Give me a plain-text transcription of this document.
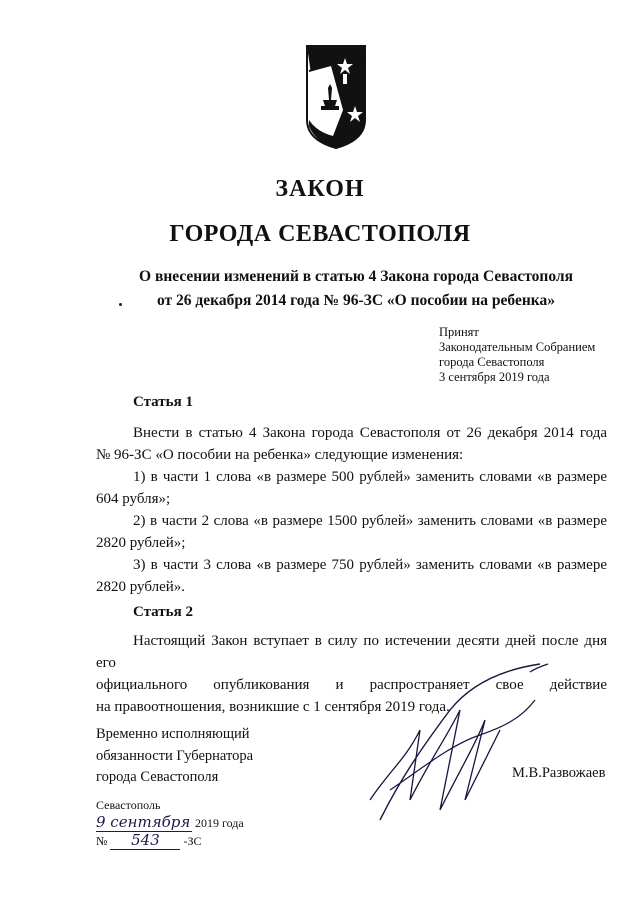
ЗАКОН
ГОРОДА СЕВАСТОПОЛЯ
О внесении изменений в статью 4 Закона города Севастополя
от 26 декабря 2014 года № 96-ЗС «О пособии на ребенка»
Принят
Законодательным Собранием
города Севастополя
3 сентября 2019 года
Статья 1
Внести в статью 4 Закона города Севастополя от 26 декабря 2014 года
№ 96-ЗС «О пособии на ребенка» следующие изменения:
1) в части 1 слова «в размере 500 рублей» заменить словами «в размере
604 рубля»;
2) в части 2 слова «в размере 1500 рублей» заменить словами «в размере
2820 рублей»;
3) в части 3 слова «в размере 750 рублей» заменить словами «в размере
2820 рублей».
Статья 2
Настоящий Закон вступает в силу по истечении десяти дней после дня его
официального опубликования и распространяет свое действие
на правоотношения, возникшие с 1 сентября 2019 года.
Временно исполняющий
обязанности Губернатора
города Севастополя	М.В.Развожаев
Севастополь
9 сентября 2019 года
№ 543 -ЗС
